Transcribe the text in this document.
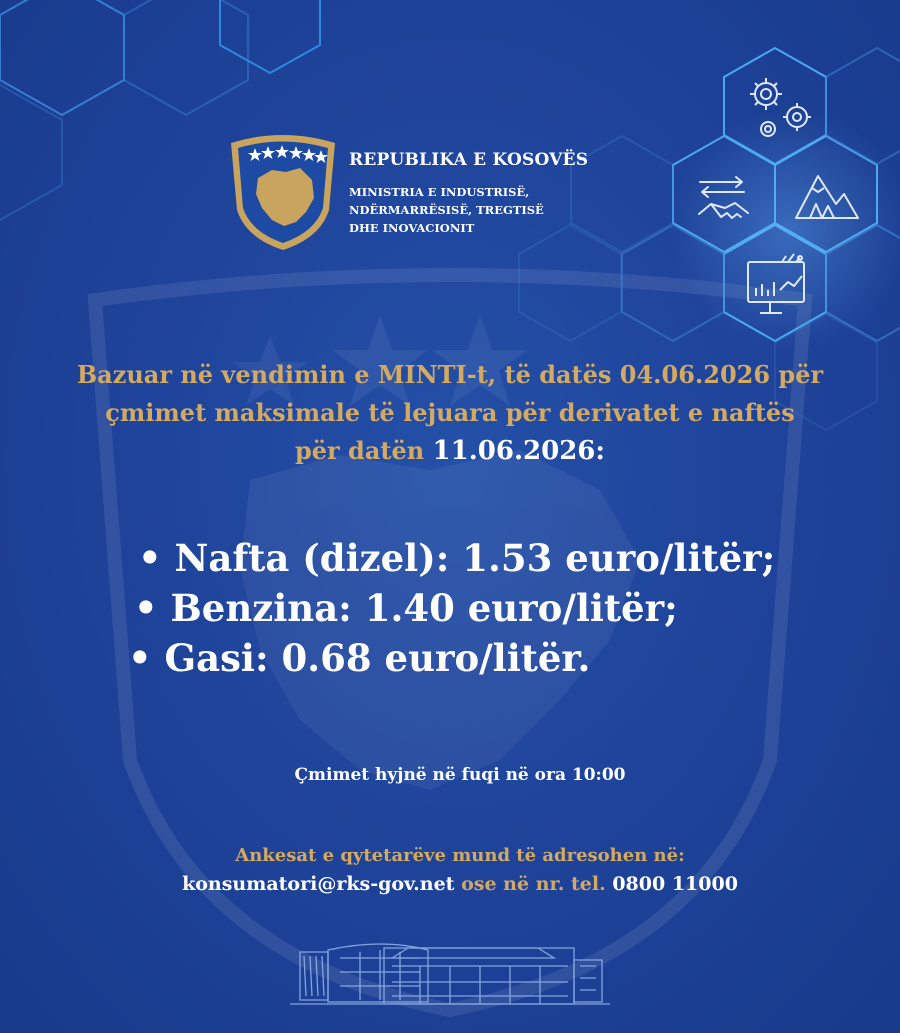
REPUBLIKA E KOSOVËS
MINISTRIA E INDUSTRISË,
NDËRMARRËSISË, TREGTISË
DHE INOVACIONIT
Bazuar në vendimin e MINTI-t, të datës 04.06.2026 për
çmimet maksimale të lejuara për derivatet e naftës
për datën 11.06.2026:
• Nafta (dizel): 1.53 euro/litër;
• Benzina: 1.40 euro/litër;
• Gasi: 0.68 euro/litër.
Çmimet hyjnë në fuqi në ora 10:00
Ankesat e qytetarëve mund të adresohen në:
konsumatori@rks-gov.net ose në nr. tel. 0800 11000
